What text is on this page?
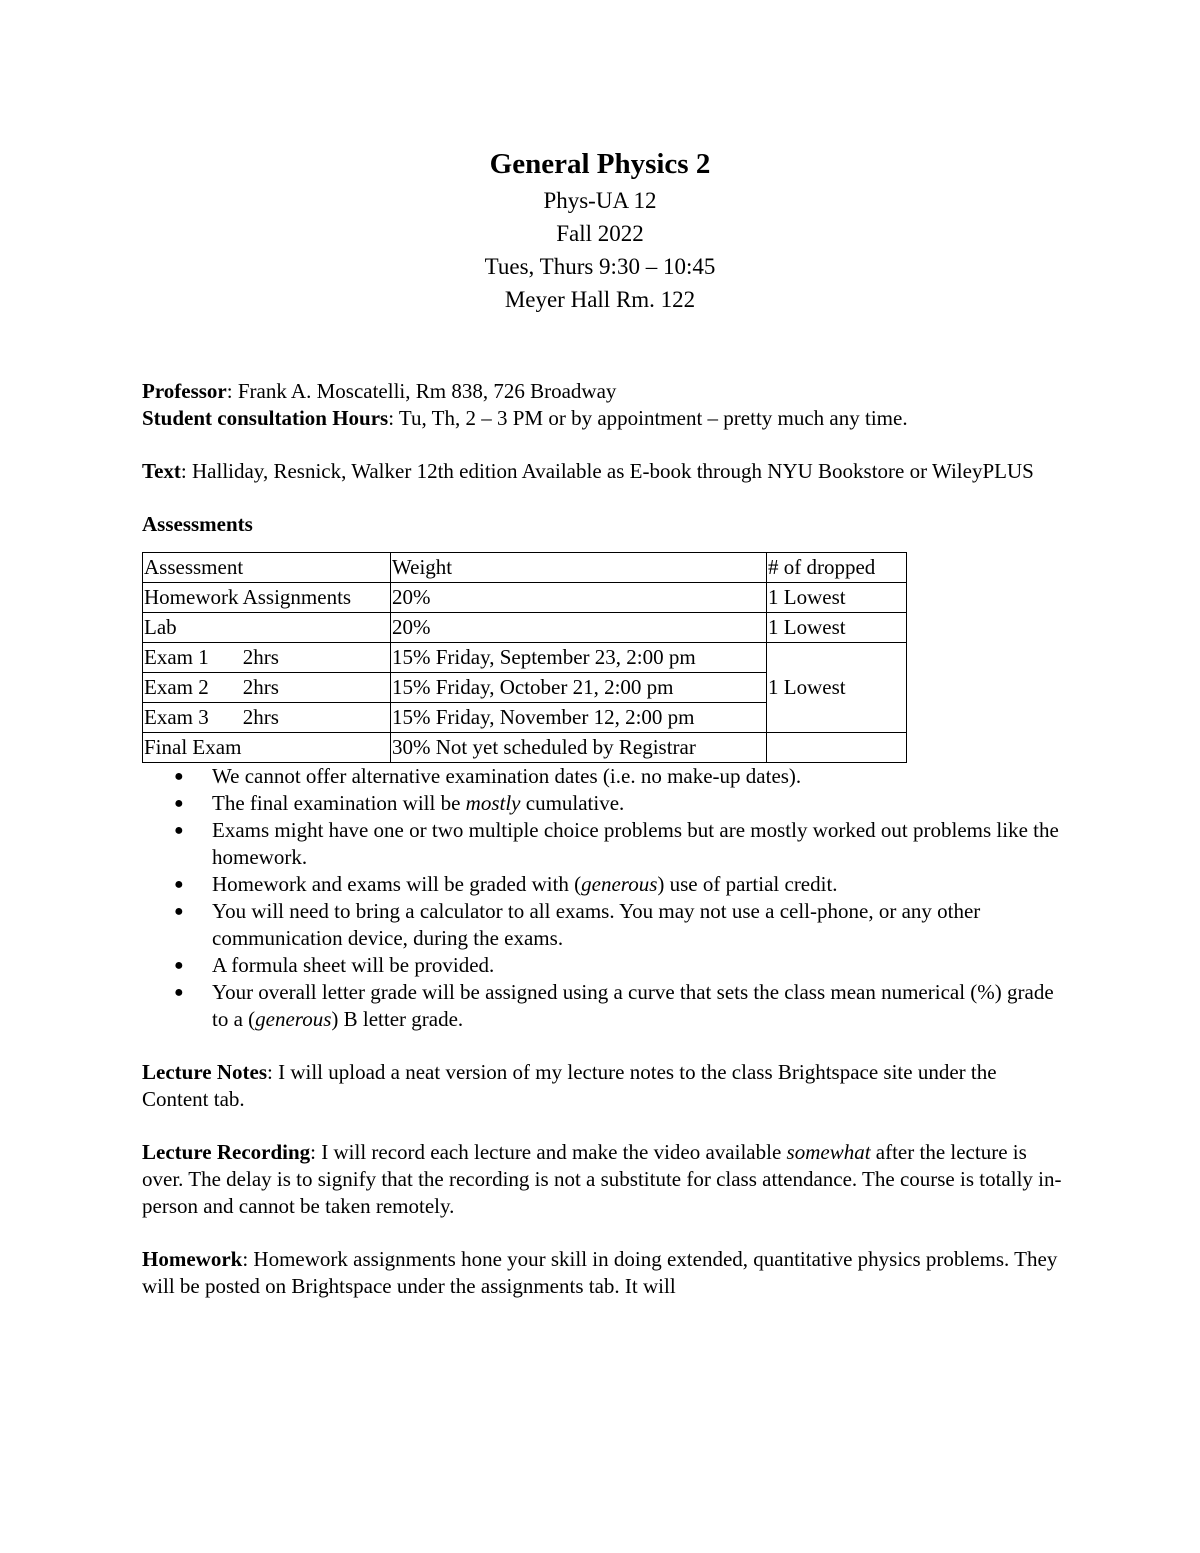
General Physics 2
Phys-UA 12
Fall 2022
Tues, Thurs 9:30 – 10:45
Meyer Hall Rm. 122

Professor: Frank A. Moscatelli, Rm 838, 726 Broadway

Student consultation Hours: Tu, Th, 2 – 3 PM or by appointment – pretty much any time.

Text: Halliday, Resnick, Walker 12th edition Available as E-book through NYU Bookstore or WileyPLUS

Assessments

Assessment	Weight	# of dropped
Homework Assignments	20%	1 Lowest
Lab	20%	1 Lowest
Exam 1 2hrs	15% Friday, September 23, 2:00 pm	1 Lowest
Exam 2 2hrs	15% Friday, October 21, 2:00 pm	
Exam 3 2hrs	15% Friday, November 12, 2:00 pm	
Final Exam	30% Not yet scheduled by Registrar	
● We cannot offer alternative examination dates (i.e. no make-up dates).
● The final examination will be mostly cumulative.
● Exams might have one or two multiple choice problems but are mostly worked out problems like the homework.
● Homework and exams will be graded with (generous) use of partial credit.
● You will need to bring a calculator to all exams. You may not use a cell-phone, or any other communication device, during the exams.
● A formula sheet will be provided.
● Your overall letter grade will be assigned using a curve that sets the class mean numerical (%) grade to a (generous) B letter grade.

Lecture Notes: I will upload a neat version of my lecture notes to the class Brightspace site under the Content tab.

Lecture Recording: I will record each lecture and make the video available somewhat after the lecture is over. The delay is to signify that the recording is not a substitute for class attendance. The course is totally in-person and cannot be taken remotely.

Homework: Homework assignments hone your skill in doing extended, quantitative physics problems. They will be posted on Brightspace under the assignments tab. It will
